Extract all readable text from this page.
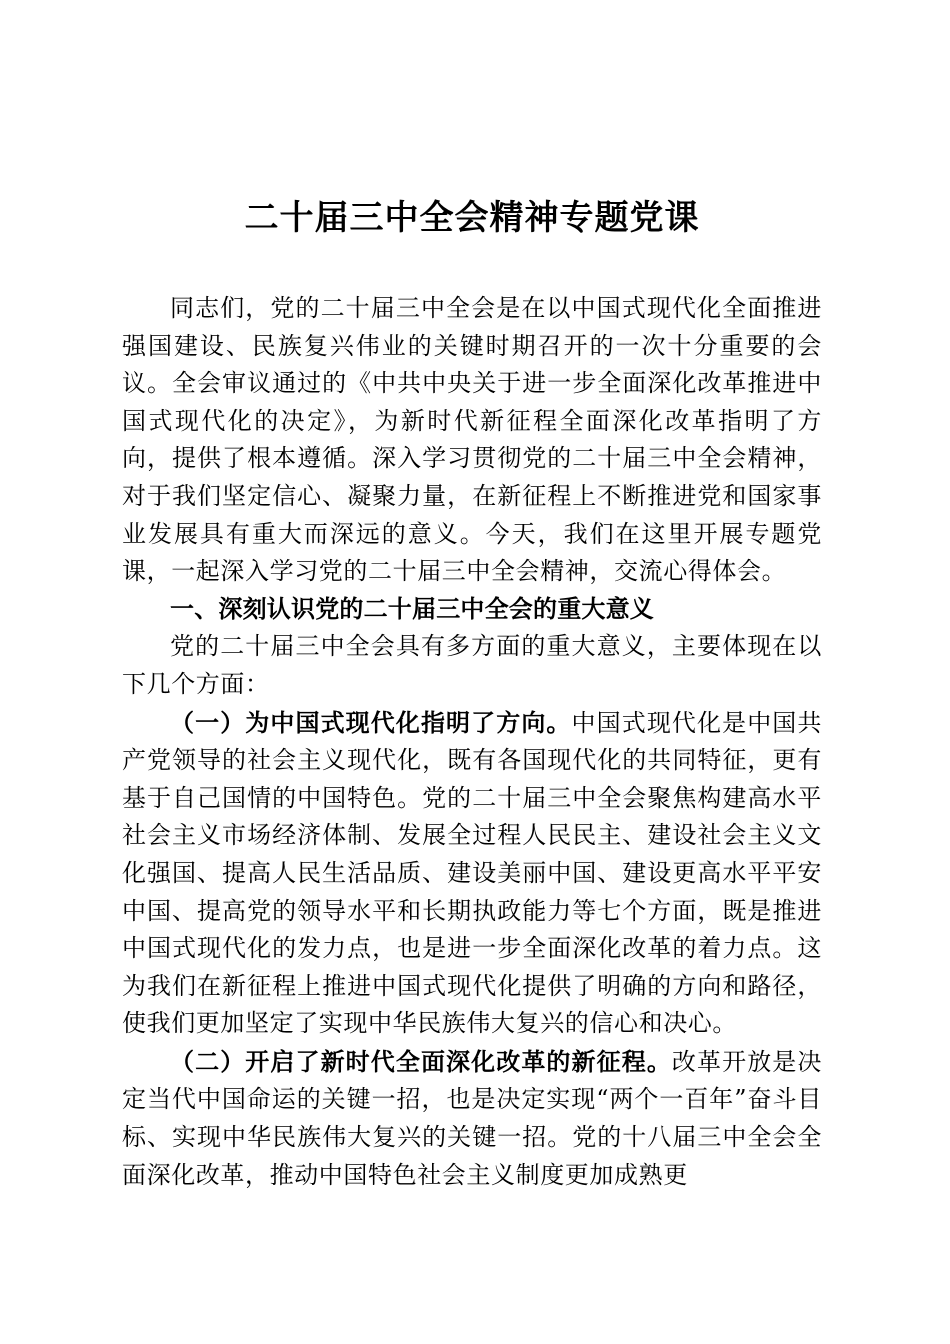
二十届三中全会精神专题党课

同志们，党的二十届三中全会是在以中国式现代化全面推进强国建设、民族复兴伟业的关键时期召开的一次十分重要的会议。全会审议通过的《中共中央关于进一步全面深化改革推进中国式现代化的决定》，为新时代新征程全面深化改革指明了方向，提供了根本遵循。深入学习贯彻党的二十届三中全会精神，对于我们坚定信心、凝聚力量，在新征程上不断推进党和国家事业发展具有重大而深远的意义。今天，我们在这里开展专题党课，一起深入学习党的二十届三中全会精神，交流心得体会。

一、深刻认识党的二十届三中全会的重大意义

党的二十届三中全会具有多方面的重大意义，主要体现在以下几个方面：

（一）为中国式现代化指明了方向。中国式现代化是中国共产党领导的社会主义现代化，既有各国现代化的共同特征，更有基于自己国情的中国特色。党的二十届三中全会聚焦构建高水平社会主义市场经济体制、发展全过程人民民主、建设社会主义文化强国、提高人民生活品质、建设美丽中国、建设更高水平平安中国、提高党的领导水平和长期执政能力等七个方面，既是推进中国式现代化的发力点，也是进一步全面深化改革的着力点。这为我们在新征程上推进中国式现代化提供了明确的方向和路径，使我们更加坚定了实现中华民族伟大复兴的信心和决心。

（二）开启了新时代全面深化改革的新征程。改革开放是决定当代中国命运的关键一招，也是决定实现“两个一百年”奋斗目标、实现中华民族伟大复兴的关键一招。党的十八届三中全会全面深化改革，推动中国特色社会主义制度更加成熟更
